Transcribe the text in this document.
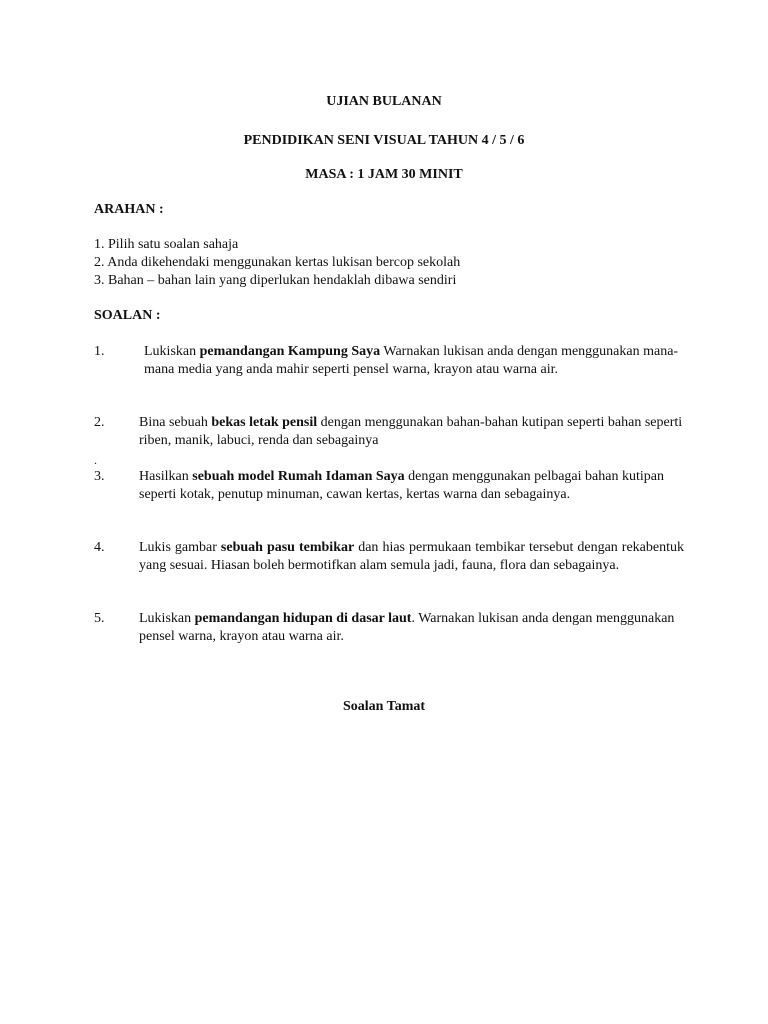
UJIAN BULANAN
PENDIDIKAN SENI VISUAL TAHUN 4 / 5 / 6
MASA : 1 JAM 30 MINIT
ARAHAN :
1. Pilih satu soalan sahaja
2. Anda dikehendaki menggunakan kertas lukisan bercop sekolah
3. Bahan – bahan lain yang diperlukan hendaklah dibawa sendiri
SOALAN :
1.	Lukiskan pemandangan Kampung Saya Warnakan lukisan anda dengan menggunakan mana-mana media yang anda mahir seperti pensel warna, krayon atau warna air.
2. Bina sebuah bekas letak pensil dengan menggunakan bahan-bahan kutipan seperti bahan seperti riben, manik, labuci, renda dan sebagainya
.
3. Hasilkan sebuah model Rumah Idaman Saya dengan menggunakan pelbagai bahan kutipan seperti kotak, penutup minuman, cawan kertas, kertas warna dan sebagainya.
4. Lukis gambar sebuah pasu tembikar dan hias permukaan tembikar tersebut dengan rekabentuk yang sesuai. Hiasan boleh bermotifkan alam semula jadi, fauna, flora dan sebagainya.
5. Lukiskan pemandangan hidupan di dasar laut. Warnakan lukisan anda dengan menggunakan pensel warna, krayon atau warna air.
Soalan Tamat
